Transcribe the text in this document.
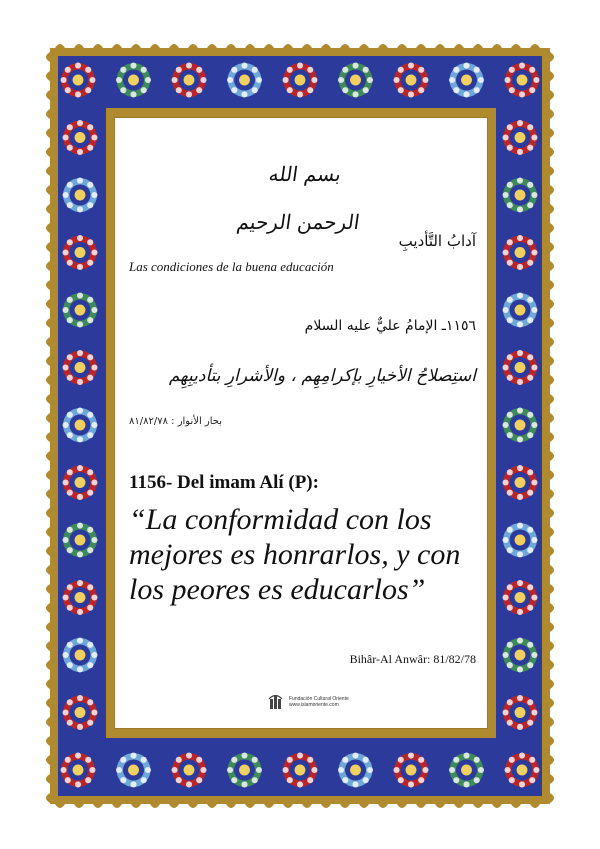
بسم الله الرحمن الرحيم
آدابُ التَّأديبِ
Las condiciones de la buena educación
١١٥٦ـ الإمامُ عليٌّ عليه السلام
استِصلاحُ الأخيارِ بإكرامِهِم ، والأشرارِ بتأديبِهِم
بحار الأنوار : ٨١/٨٢/٧٨
1156- Del imam Alí (P):
“La conformidad con los mejores es honrarlos, y con los peores es educarlos”
Bihâr-Al Anwâr: 81/82/78
Fundación Cultural Oriente
www.islamoriente.com
